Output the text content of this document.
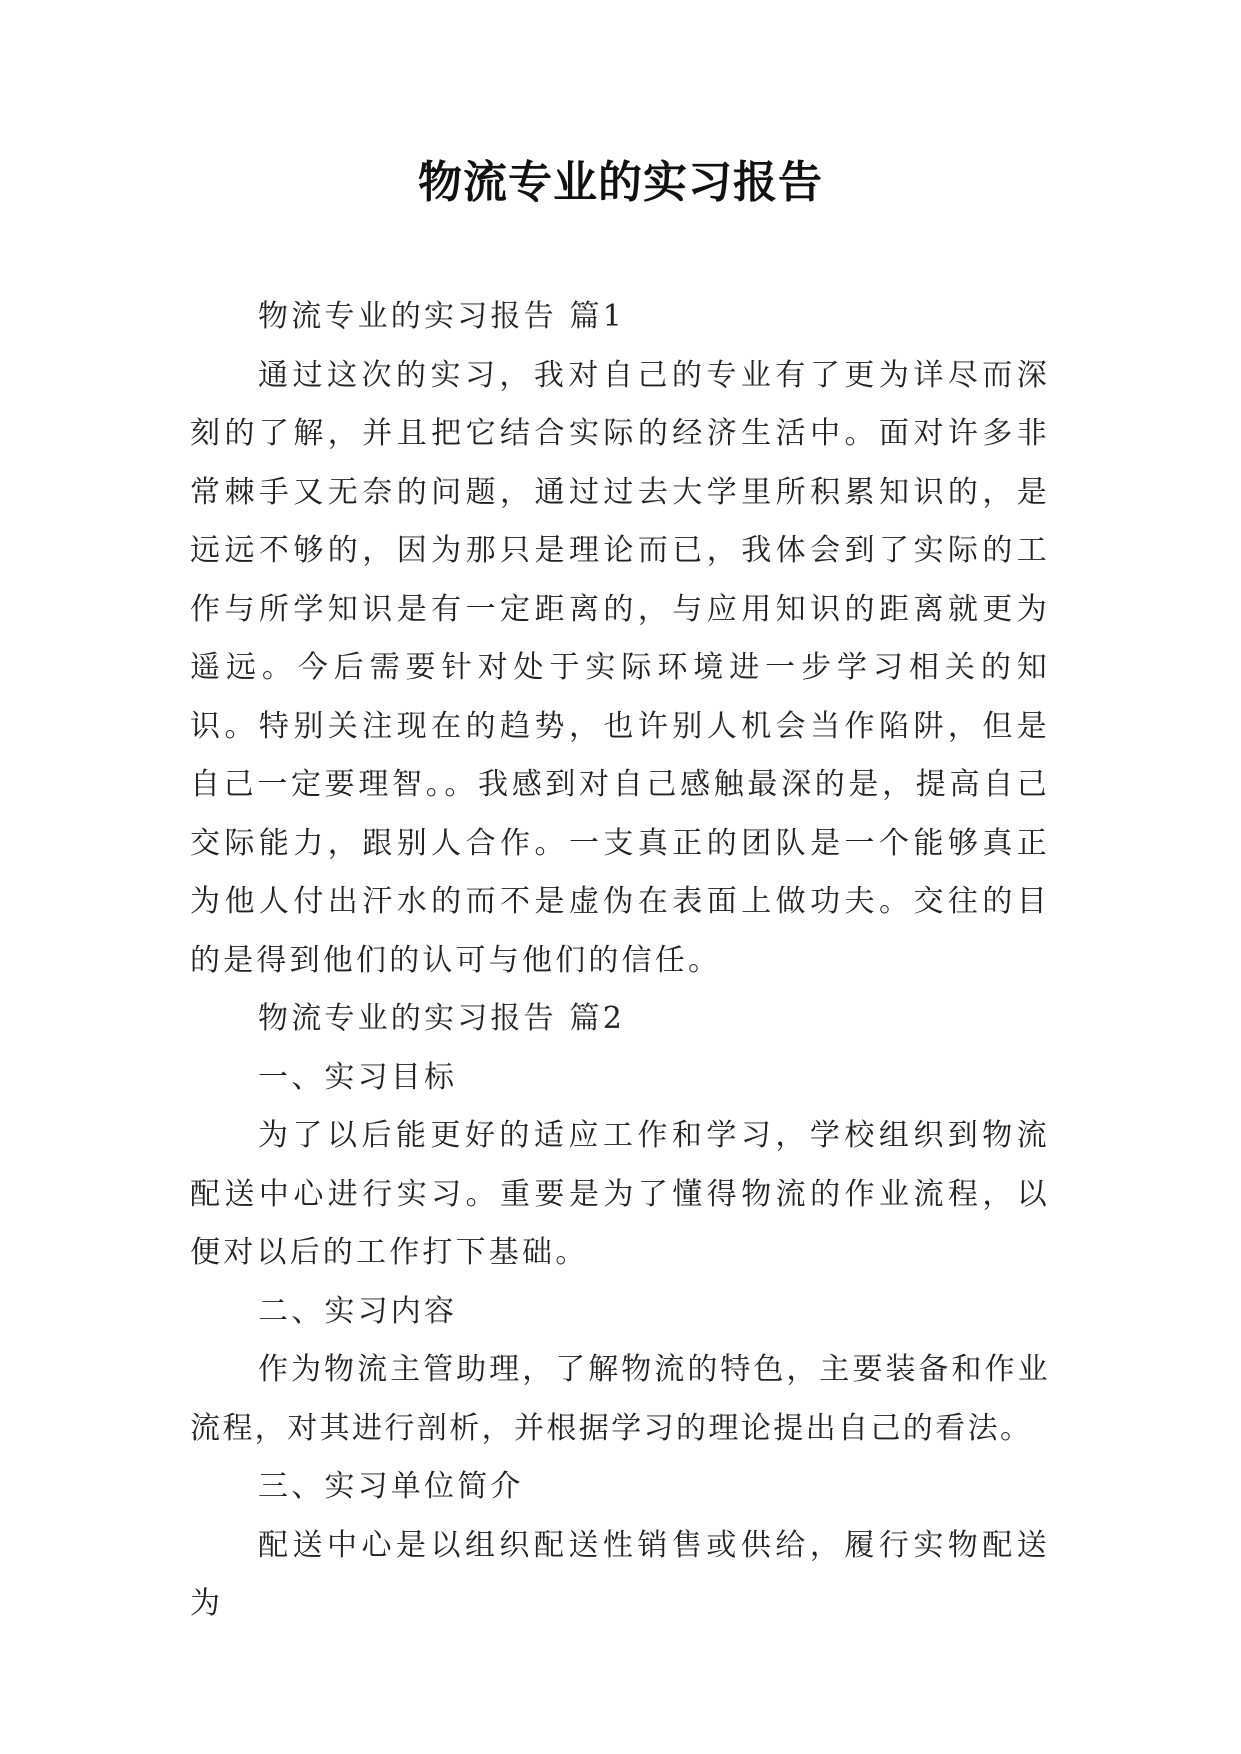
物流专业的实习报告

物流专业的实习报告 篇1

通过这次的实习，我对自己的专业有了更为详尽而深刻的了解，并且把它结合实际的经济生活中。面对许多非常棘手又无奈的问题，通过过去大学里所积累知识的，是远远不够的，因为那只是理论而已，我体会到了实际的工作与所学知识是有一定距离的，与应用知识的距离就更为遥远。今后需要针对处于实际环境进一步学习相关的知识。特别关注现在的趋势，也许别人机会当作陷阱，但是自己一定要理智。。我感到对自己感触最深的是，提高自己交际能力，跟别人合作。一支真正的团队是一个能够真正为他人付出汗水的而不是虚伪在表面上做功夫。交往的目的是得到他们的认可与他们的信任。

物流专业的实习报告 篇2

一、实习目标

为了以后能更好的适应工作和学习，学校组织到物流配送中心进行实习。重要是为了懂得物流的作业流程，以便对以后的工作打下基础。

二、实习内容

作为物流主管助理，了解物流的特色，主要装备和作业流程，对其进行剖析，并根据学习的理论提出自己的看法。

三、实习单位简介

配送中心是以组织配送性销售或供给，履行实物配送为
